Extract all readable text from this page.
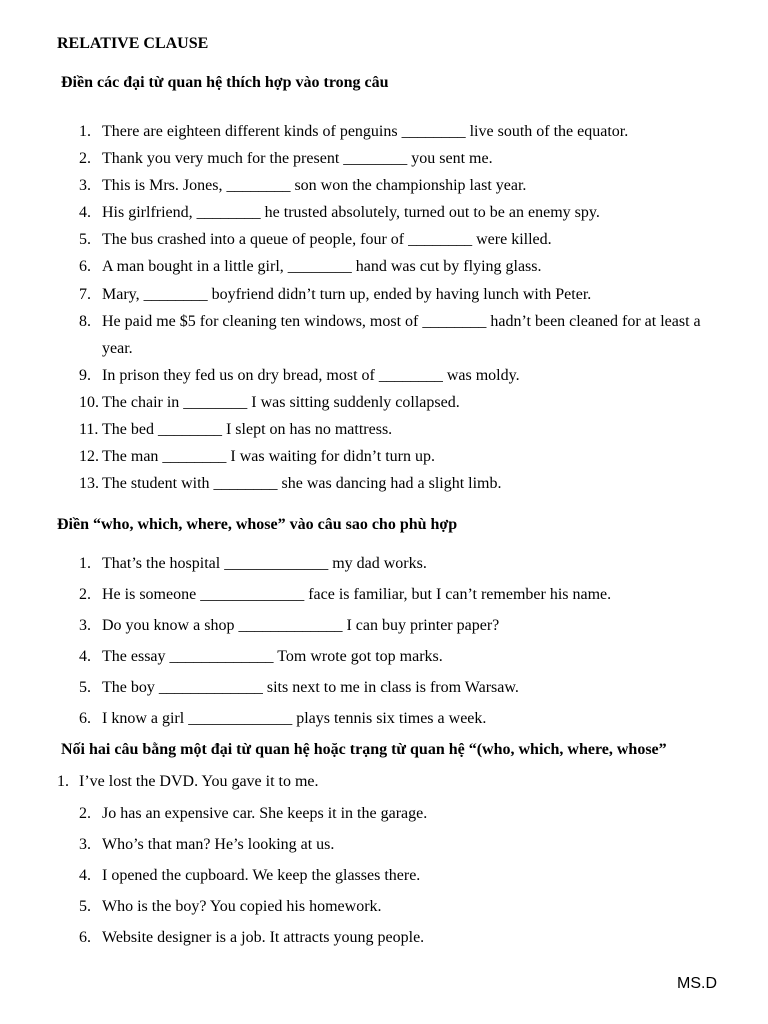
RELATIVE CLAUSE
Điền các đại từ quan hệ thích hợp vào trong câu
1. There are eighteen different kinds of penguins ________ live south of the equator.
2. Thank you very much for the present ________ you sent me.
3. This is Mrs. Jones, ________ son won the championship last year.
4. His girlfriend, ________ he trusted absolutely, turned out to be an enemy spy.
5. The bus crashed into a queue of people, four of ________ were killed.
6. A man bought in a little girl, ________ hand was cut by flying glass.
7. Mary, ________ boyfriend didn’t turn up, ended by having lunch with Peter.
8. He paid me $5 for cleaning ten windows, most of ________ hadn’t been cleaned for at least a year.
9. In prison they fed us on dry bread, most of ________ was moldy.
10. The chair in ________ I was sitting suddenly collapsed.
11. The bed ________ I slept on has no mattress.
12. The man ________ I was waiting for didn’t turn up.
13. The student with ________ she was dancing had a slight limb.
Điền “who, which, where, whose” vào câu sao cho phù hợp
1. That’s the hospital _____________ my dad works.
2. He is someone _____________ face is familiar, but I can’t remember his name.
3. Do you know a shop _____________ I can buy printer paper?
4. The essay _____________ Tom wrote got top marks.
5. The boy _____________ sits next to me in class is from Warsaw.
6. I know a girl _____________ plays tennis six times a week.
Nối hai câu bằng một đại từ quan hệ hoặc trạng từ quan hệ “(who, which, where, whose”

1. I’ve lost the DVD. You gave it to me.

2. Jo has an expensive car. She keeps it in the garage.
3. Who’s that man? He’s looking at us.
4. I opened the cupboard. We keep the glasses there.
5. Who is the boy? You copied his homework.
6. Website designer is a job. It attracts young people.

MS.D
